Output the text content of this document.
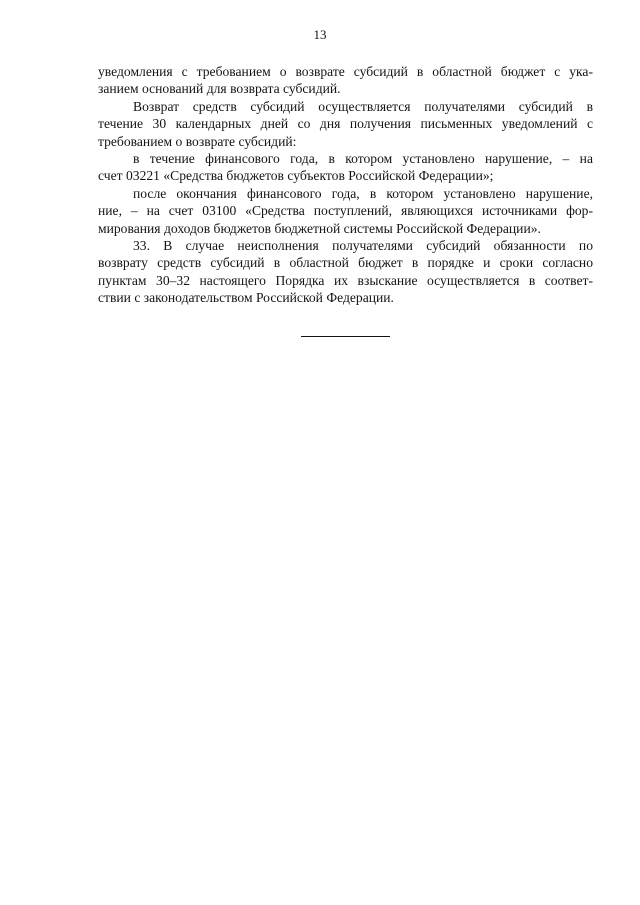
13
уведомления с требованием о возврате субсидий в областной бюджет с ука-
занием оснований для возврата субсидий.
Возврат средств субсидий осуществляется получателями субсидий в
течение 30 календарных дней со дня получения письменных уведомлений с
требованием о возврате субсидий:
в течение финансового года, в котором установлено нарушение, – на
счет 03221 «Средства бюджетов субъектов Российской Федерации»;
после окончания финансового года, в котором установлено нарушение,
ние, – на счет 03100 «Средства поступлений, являющихся источниками фор-
мирования доходов бюджетов бюджетной системы Российской Федерации».
33. В случае неисполнения получателями субсидий обязанности по
возврату средств субсидий в областной бюджет в порядке и сроки согласно
пунктам 30–32 настоящего Порядка их взыскание осуществляется в соответ-
ствии с законодательством Российской Федерации.
